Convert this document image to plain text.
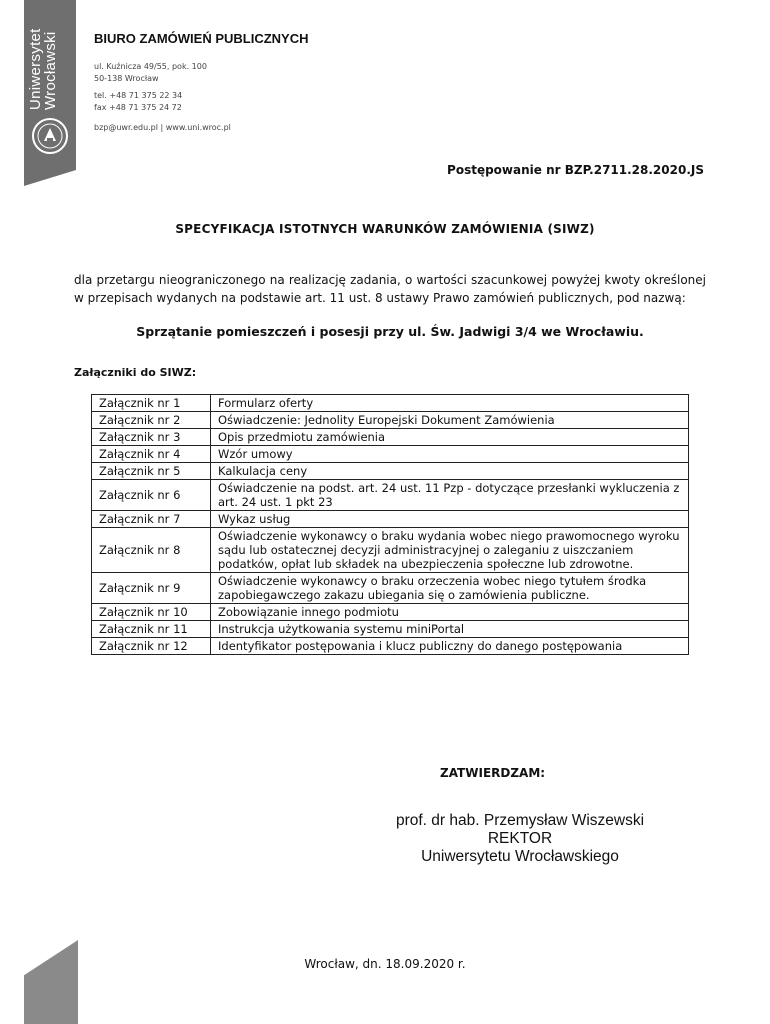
Uniwersytet
Wrocławski	BIURO ZAMÓWIEŃ PUBLICZNYCH
ul. Kuźnicza 49/55, pok. 100
50-138 Wrocław
tel. +48 71 375 22 34
fax +48 71 375 24 72
bzp@uwr.edu.pl | www.uni.wroc.pl
Postępowanie nr BZP.2711.28.2020.JS
SPECYFIKACJA ISTOTNYCH WARUNKÓW ZAMÓWIENIA (SIWZ)
dla przetargu nieograniczonego na realizację zadania, o wartości szacunkowej powyżej kwoty określonej w przepisach wydanych na podstawie art. 11 ust. 8 ustawy Prawo zamówień publicznych, pod nazwą:
Sprzątanie pomieszczeń i posesji przy ul. Św. Jadwigi 3/4 we Wrocławiu.
Załączniki do SIWZ:
Załącznik nr 1	Formularz oferty
Załącznik nr 2	Oświadczenie: Jednolity Europejski Dokument Zamówienia
Załącznik nr 3	Opis przedmiotu zamówienia
Załącznik nr 4	Wzór umowy
Załącznik nr 5	Kalkulacja ceny
Załącznik nr 6	Oświadczenie na podst. art. 24 ust. 11 Pzp - dotyczące przesłanki wykluczenia z art. 24 ust. 1 pkt 23
Załącznik nr 7	Wykaz usług
Załącznik nr 8	Oświadczenie wykonawcy o braku wydania wobec niego prawomocnego wyroku sądu lub ostatecznej decyzji administracyjnej o zaleganiu z uiszczaniem podatków, opłat lub składek na ubezpieczenia społeczne lub zdrowotne.
Załącznik nr 9	Oświadczenie wykonawcy o braku orzeczenia wobec niego tytułem środka zapobiegawczego zakazu ubiegania się o zamówienia publiczne.
Załącznik nr 10	Zobowiązanie innego podmiotu
Załącznik nr 11	Instrukcja użytkowania systemu miniPortal
Załącznik nr 12	Identyfikator postępowania i klucz publiczny do danego postępowania
ZATWIERDZAM:
prof. dr hab. Przemysław Wiszewski
REKTOR
Uniwersytetu Wrocławskiego
Wrocław, dn. 18.09.2020 r.
